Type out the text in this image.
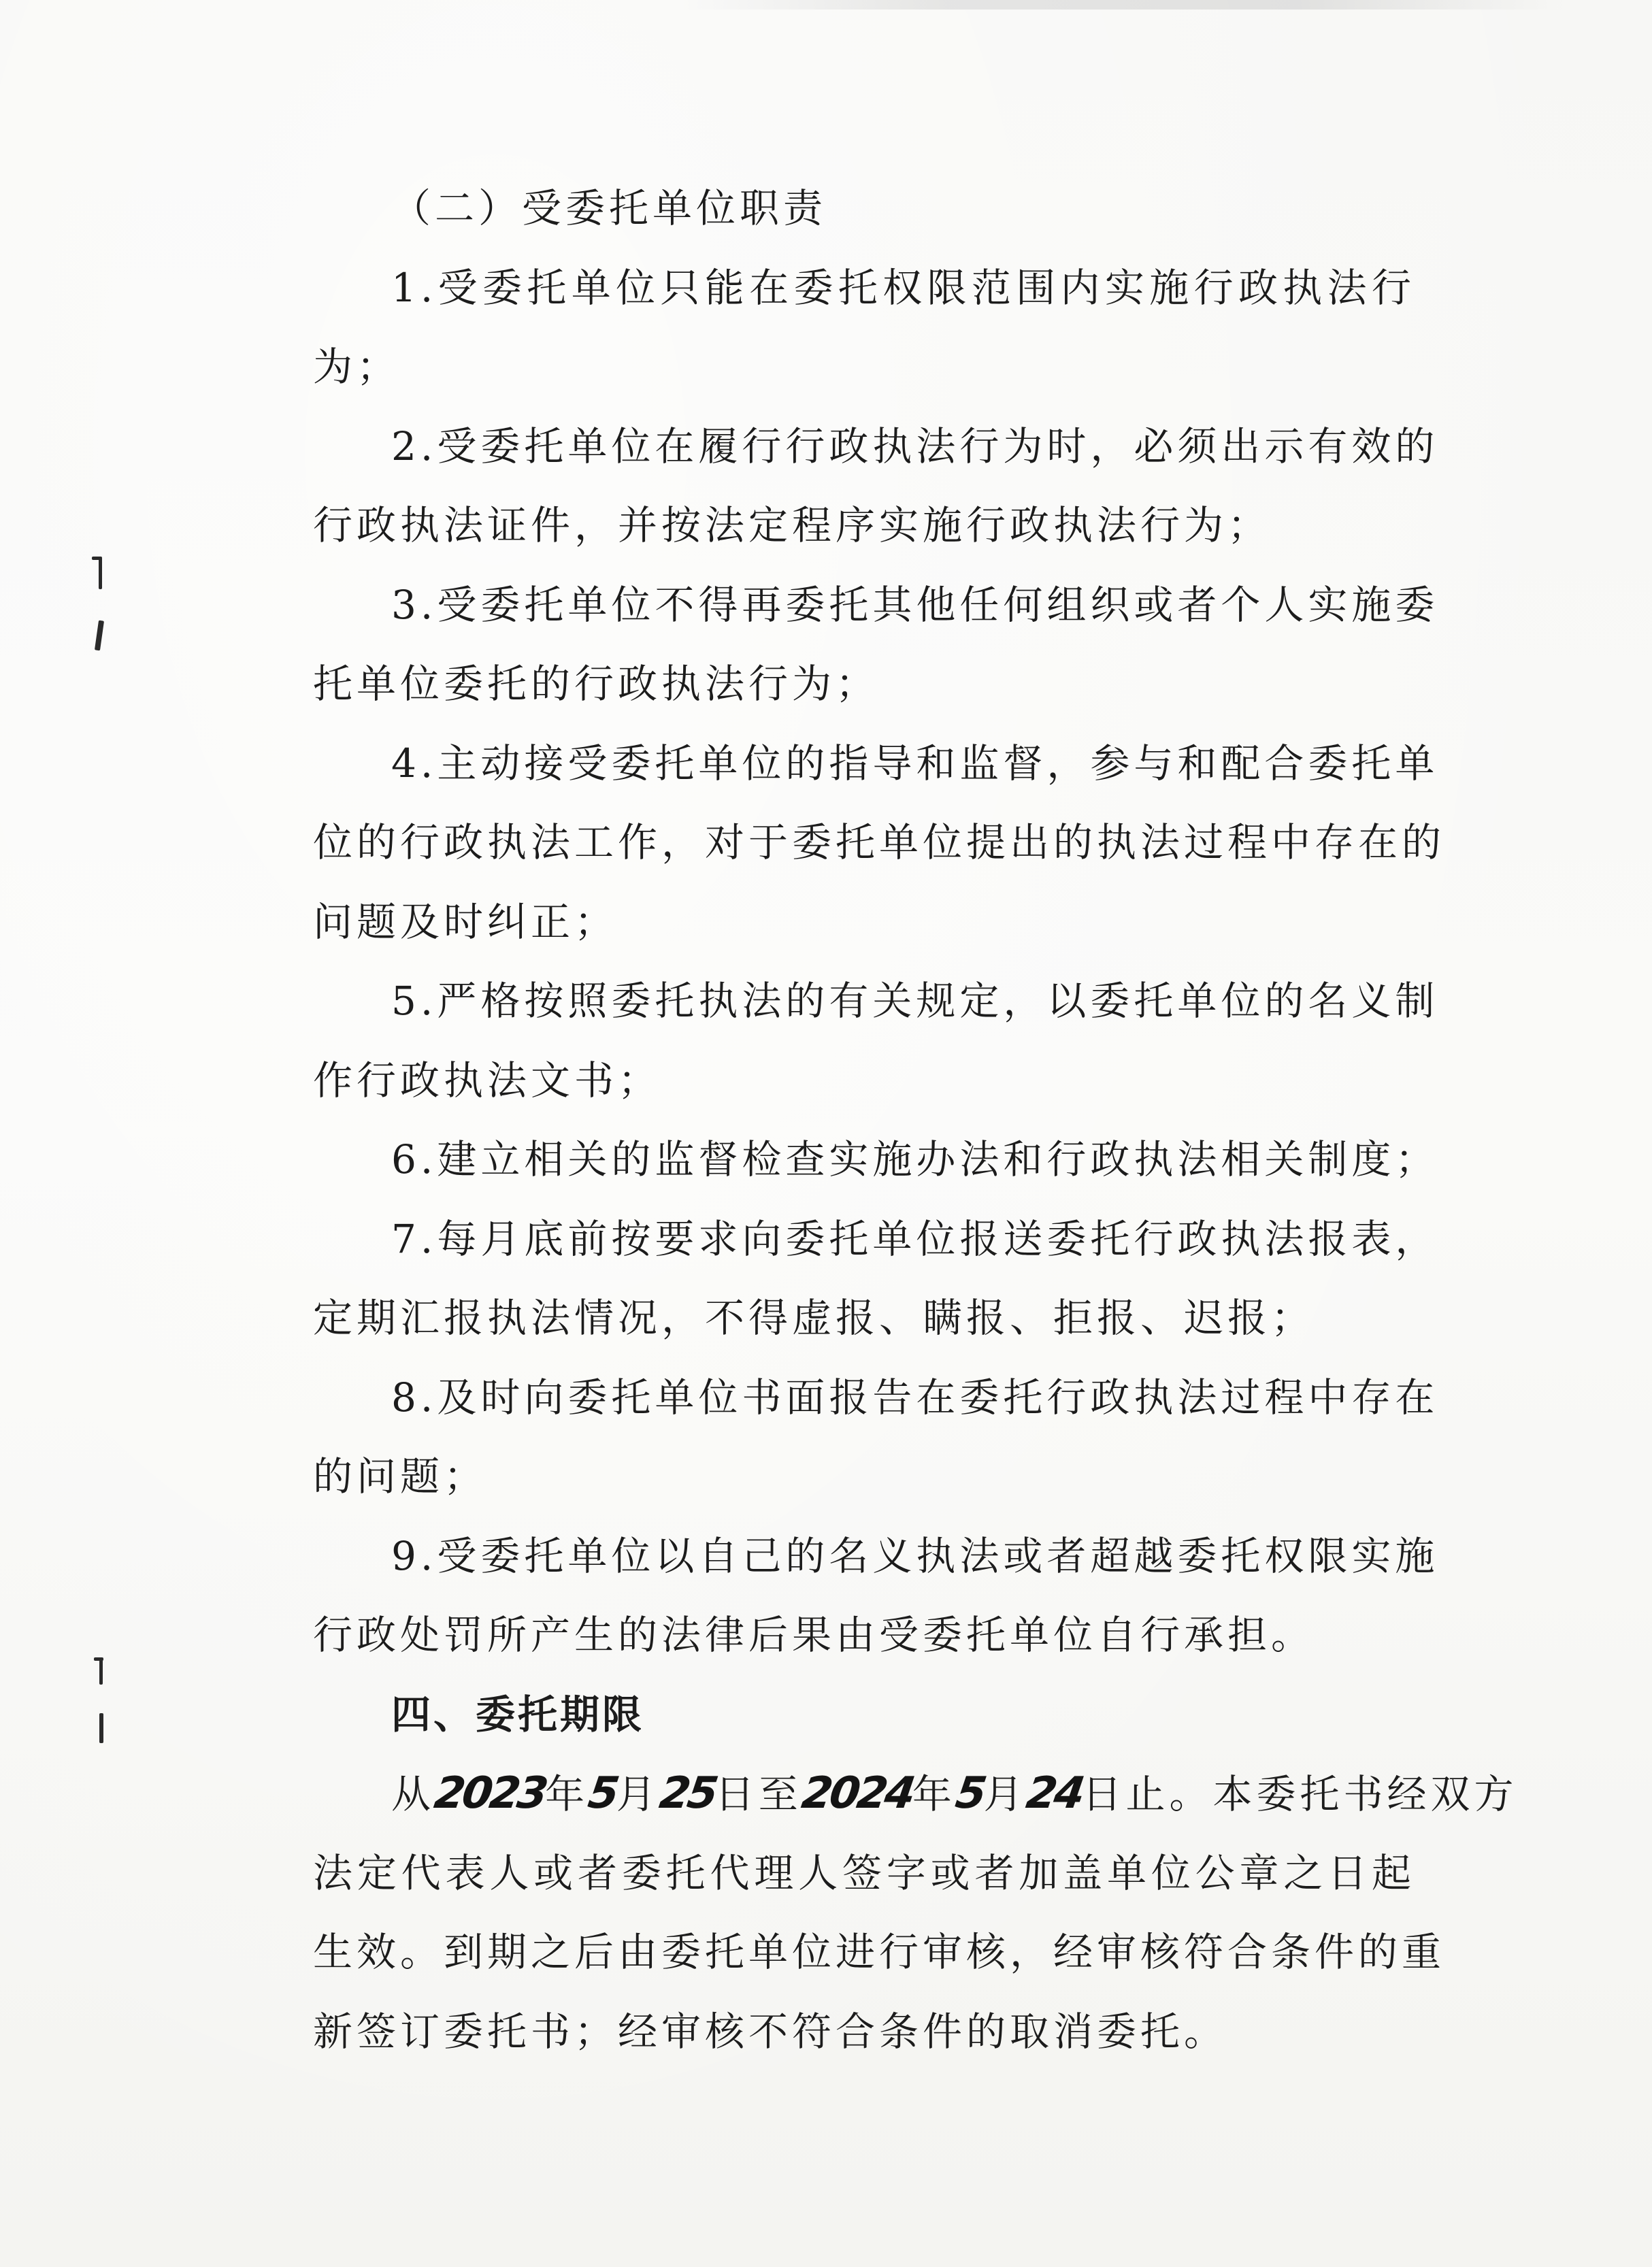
（二）受委托单位职责
1.受委托单位只能在委托权限范围内实施行政执法行
为；
2.受委托单位在履行行政执法行为时，必须出示有效的
行政执法证件，并按法定程序实施行政执法行为；
3.受委托单位不得再委托其他任何组织或者个人实施委
托单位委托的行政执法行为；
4.主动接受委托单位的指导和监督，参与和配合委托单
位的行政执法工作，对于委托单位提出的执法过程中存在的
问题及时纠正；
5.严格按照委托执法的有关规定，以委托单位的名义制
作行政执法文书；
6.建立相关的监督检查实施办法和行政执法相关制度；
7.每月底前按要求向委托单位报送委托行政执法报表，
定期汇报执法情况，不得虚报、瞒报、拒报、迟报；
8.及时向委托单位书面报告在委托行政执法过程中存在
的问题；
9.受委托单位以自己的名义执法或者超越委托权限实施
行政处罚所产生的法律后果由受委托单位自行承担。
四、委托期限
从2023年5月25日至2024年5月24日止。本委托书经双方
法定代表人或者委托代理人签字或者加盖单位公章之日起
生效。到期之后由委托单位进行审核，经审核符合条件的重
新签订委托书；经审核不符合条件的取消委托。
